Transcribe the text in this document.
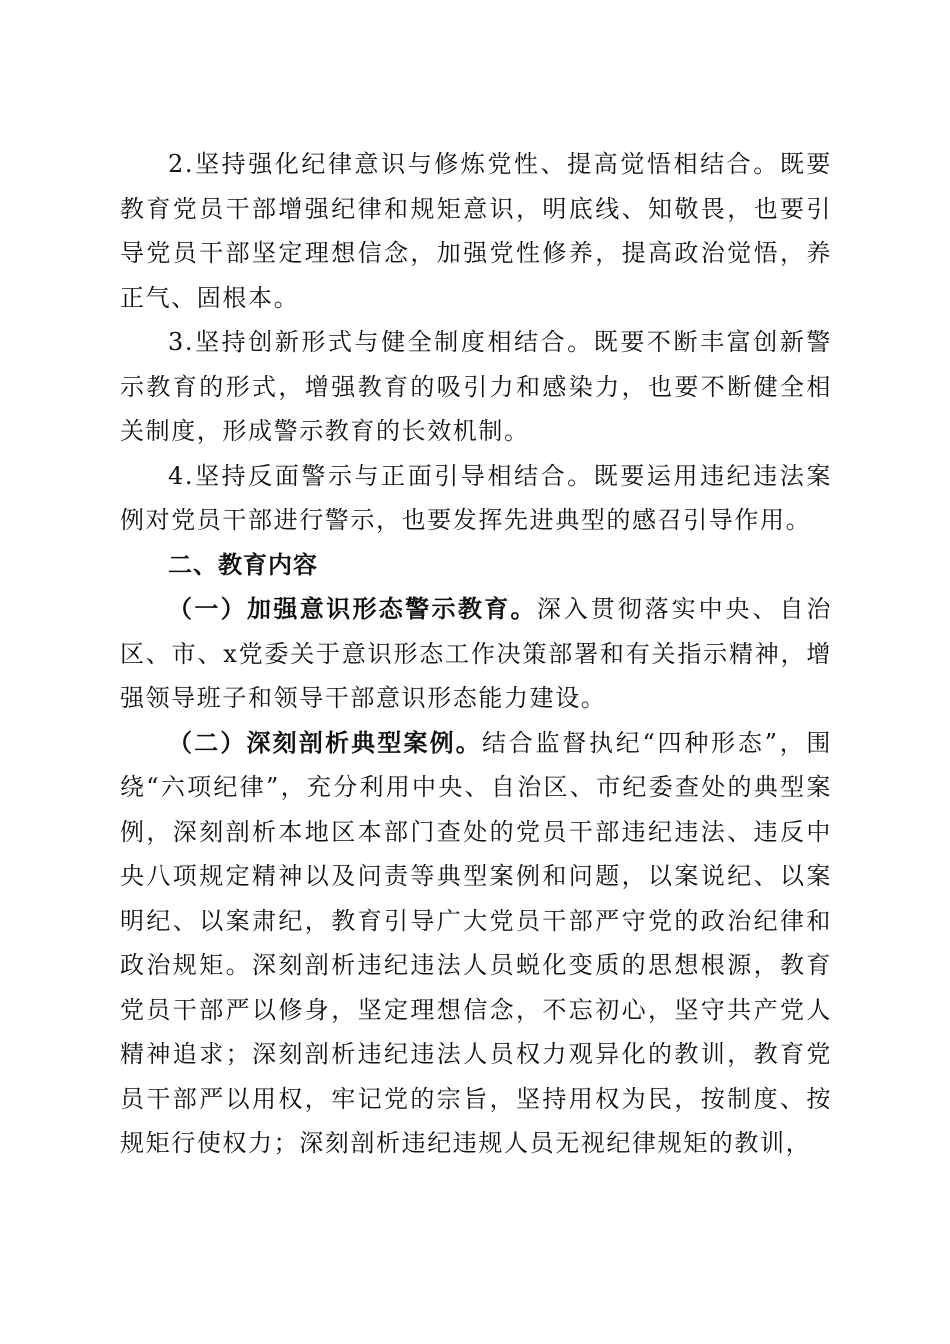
2.坚持强化纪律意识与修炼党性、提高觉悟相结合。既要教育党员干部增强纪律和规矩意识，明底线、知敬畏，也要引导党员干部坚定理想信念，加强党性修养，提高政治觉悟，养正气、固根本。

3.坚持创新形式与健全制度相结合。既要不断丰富创新警示教育的形式，增强教育的吸引力和感染力，也要不断健全相关制度，形成警示教育的长效机制。

4.坚持反面警示与正面引导相结合。既要运用违纪违法案例对党员干部进行警示，也要发挥先进典型的感召引导作用。

二、教育内容

（一）加强意识形态警示教育。深入贯彻落实中央、自治区、市、x党委关于意识形态工作决策部署和有关指示精神，增强领导班子和领导干部意识形态能力建设。

（二）深刻剖析典型案例。结合监督执纪“四种形态”，围绕“六项纪律”，充分利用中央、自治区、市纪委查处的典型案例，深刻剖析本地区本部门查处的党员干部违纪违法、违反中央八项规定精神以及问责等典型案例和问题，以案说纪、以案明纪、以案肃纪，教育引导广大党员干部严守党的政治纪律和政治规矩。深刻剖析违纪违法人员蜕化变质的思想根源，教育党员干部严以修身，坚定理想信念，不忘初心，坚守共产党人精神追求；深刻剖析违纪违法人员权力观异化的教训，教育党员干部严以用权，牢记党的宗旨，坚持用权为民，按制度、按规矩行使权力；深刻剖析违纪违规人员无视纪律规矩的教训，
